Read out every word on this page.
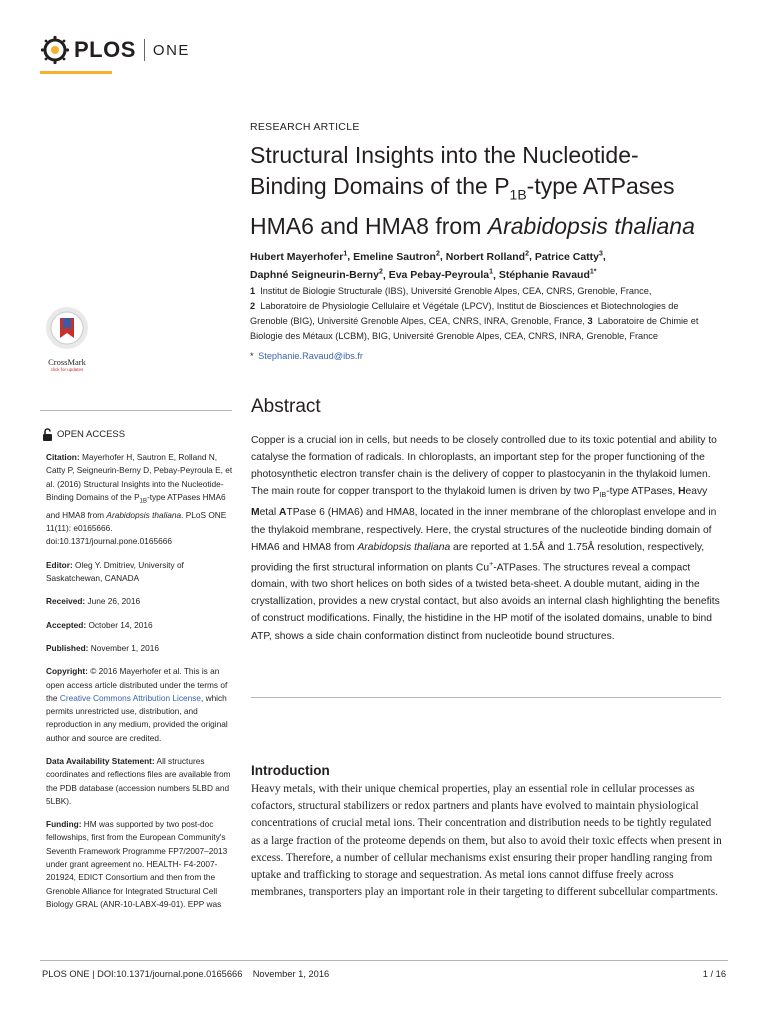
PLOS ONE
RESEARCH ARTICLE
Structural Insights into the Nucleotide-
Binding Domains of the $P_{1B}$-type ATPases
HMA6 and HMA8 from Arabidopsis thaliana
Hubert Mayerhofer$^1$, Emeline Sautron$^2$, Norbert Rolland$^2$, Patrice Catty$^3$,
Daphné Seigneurin-Berny$^2$, Eva Pebay-Peyroula$^1$, Stéphanie Ravaud$^{1*}$
1 Institut de Biologie Structurale (IBS), Université Grenoble Alpes, CEA, CNRS, Grenoble, France,
2 Laboratoire de Physiologie Cellulaire et Végétale (LPCV), Institut de Biosciences et Biotechnologies de Grenoble (BIG), Université Grenoble Alpes, CEA, CNRS, INRA, Grenoble, France, 3 Laboratoire de Chimie et Biologie des Métaux (LCBM), BIG, Université Grenoble Alpes, CEA, CNRS, INRA, Grenoble, France
* Stephanie.Ravaud@ibs.fr
CrossMark
click for updates
OPEN ACCESS

Citation: Mayerhofer H, Sautron E, Rolland N, Catty P, Seigneurin-Berny D, Pebay-Peyroula E, et al. (2016) Structural Insights into the Nucleotide-Binding Domains of the $P_{1B}$-type ATPases HMA6 and HMA8 from Arabidopsis thaliana. PLoS ONE 11(11): e0165666. doi:10.1371/journal.pone.0165666

Editor: Oleg Y. Dmitriev, University of Saskatchewan, CANADA

Received: June 26, 2016

Accepted: October 14, 2016

Published: November 1, 2016

Copyright: © 2016 Mayerhofer et al. This is an open access article distributed under the terms of the Creative Commons Attribution License, which permits unrestricted use, distribution, and reproduction in any medium, provided the original author and source are credited.

Data Availability Statement: All structures coordinates and reflections files are available from the PDB database (accession numbers 5LBD and 5LBK).

Funding: HM was supported by two post-doc fellowships, first from the European Community's Seventh Framework Programme FP7/2007–2013 under grant agreement no. HEALTH- F4-2007-201924, EDICT Consortium and then from the Grenoble Alliance for Integrated Structural Cell Biology GRAL (ANR-10-LABX-49-01). EPP was

Abstract
Copper is a crucial ion in cells, but needs to be closely controlled due to its toxic potential and ability to catalyse the formation of radicals. In chloroplasts, an important step for the proper functioning of the photosynthetic electron transfer chain is the delivery of copper to plastocyanin in the thylakoid lumen. The main route for copper transport to the thylakoid lumen is driven by two $P_{IB}$-type ATPases, Heavy Metal ATPase 6 (HMA6) and HMA8, located in the inner membrane of the chloroplast envelope and in the thylakoid membrane, respectively. Here, the crystal structures of the nucleotide binding domain of HMA6 and HMA8 from Arabidopsis thaliana are reported at 1.5Å and 1.75Å resolution, respectively, providing the first structural information on plants Cu+-ATPases. The structures reveal a compact domain, with two short helices on both sides of a twisted beta-sheet. A double mutant, aiding in the crystallization, provides a new crystal contact, but also avoids an internal clash highlighting the benefits of construct modifications. Finally, the histidine in the HP motif of the isolated domains, unable to bind ATP, shows a side chain conformation distinct from nucleotide bound structures.
Introduction
Heavy metals, with their unique chemical properties, play an essential role in cellular processes as cofactors, structural stabilizers or redox partners and plants have evolved to maintain physiological concentrations of crucial metal ions. Their concentration and distribution needs to be tightly regulated as a large fraction of the proteome depends on them, but also to avoid their toxic effects when present in excess. Therefore, a number of cellular mechanisms exist ensuring their proper handling ranging from uptake and trafficking to storage and sequestration. As metal ions cannot diffuse freely across membranes, transporters play an important role in their targeting to different subcellular compartments.
PLOS ONE | DOI:10.1371/journal.pone.0165666    November 1, 2016	1 / 16
